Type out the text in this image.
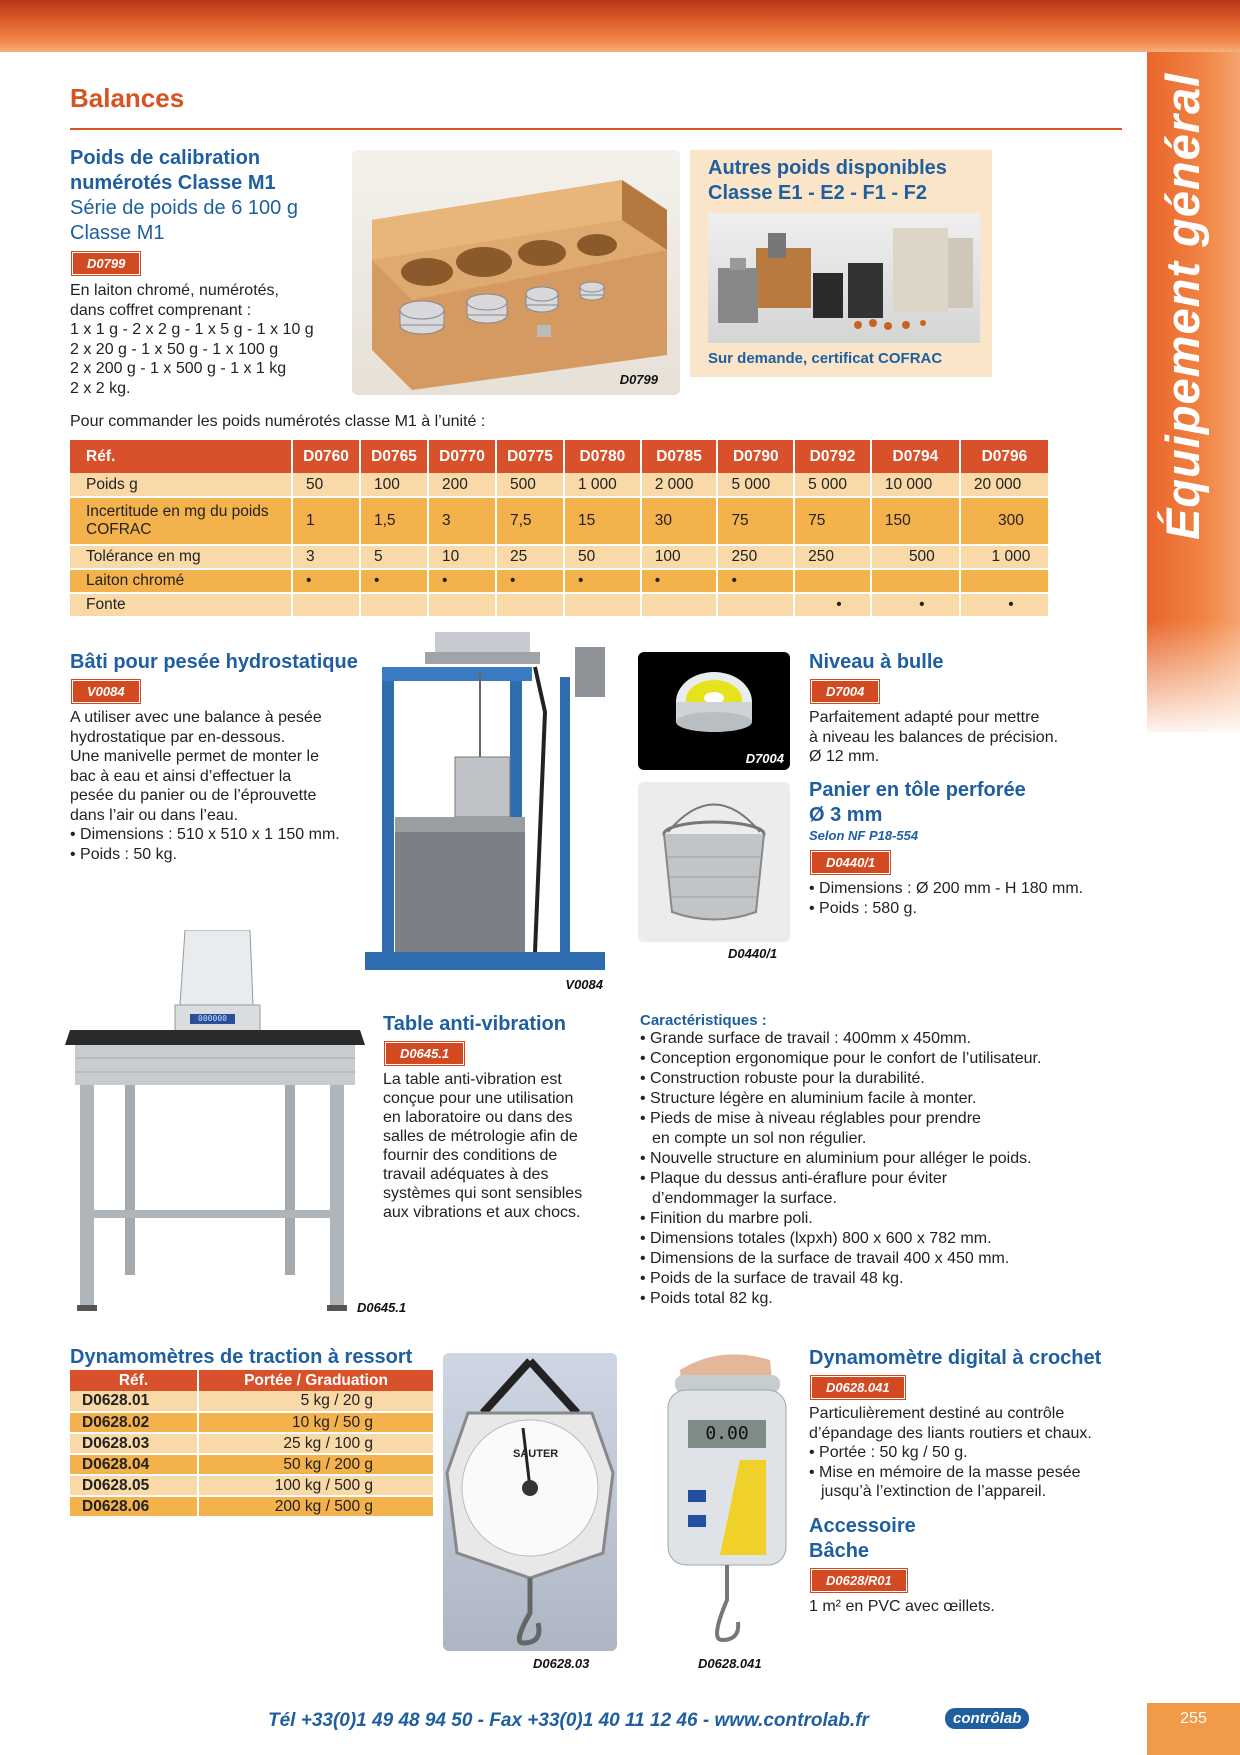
Équipement général
Balances
Poids de calibration
numérotés Classe M1
Série de poids de 6 100 g
Classe M1
D0799
En laiton chromé, numérotés,
dans coffret comprenant :
1 x 1 g - 2 x 2 g - 1 x 5 g - 1 x 10 g
2 x 20 g - 1 x 50 g - 1 x 100 g
2 x 200 g - 1 x 500 g - 1 x 1 kg
2 x 2 kg.	D0799
Autres poids disponibles
Classe E1 - E2 - F1 - F2
Sur demande, certificat COFRAC
Pour commander les poids numérotés classe M1 à l’unité :
Réf.	D0760	D0765	D0770	D0775	D0780	D0785	D0790	D0792	D0794	D0796
Poids g	50	100	200	500	1 000	2 000	5 000	5 000	10 000	20 000
Incertitude en mg du poids COFRAC	1	1,5	3	7,5	15	30	75	75	150	300
Tolérance en mg	3	5	10	25	50	100	250	250	500	1 000
Laiton chromé	•	•	•	•	•	•	•			
Fonte								•	•	•
Bâti pour pesée hydrostatique
V0084
A utiliser avec une balance à pesée
hydrostatique par en-dessous.
Une manivelle permet de monter le
bac à eau et ainsi d’effectuer la
pesée du panier ou de l’éprouvette
dans l’air ou dans l’eau.
• Dimensions : 510 x 510 x 1 150 mm.
• Poids : 50 kg.
V0084
D7004
Niveau à bulle
D7004
Parfaitement adapté pour mettre
à niveau les balances de précision.
Ø 12 mm.
D0440/1
Panier en tôle perforée
Ø 3 mm
Selon NF P18-554
D0440/1
• Dimensions : Ø 200 mm - H 180 mm.
• Poids : 580 g.
000000
D0645.1
Table anti-vibration
D0645.1
La table anti-vibration est
conçue pour une utilisation
en laboratoire ou dans des
salles de métrologie afin de
fournir des conditions de
travail adéquates à des
systèmes qui sont sensibles
aux vibrations et aux chocs.
Caractéristiques :
• Grande surface de travail : 400mm x 450mm.
• Conception ergonomique pour le confort de l’utilisateur.
• Construction robuste pour la durabilité.
• Structure légère en aluminium facile à monter.
• Pieds de mise à niveau réglables pour prendre en compte un sol non régulier.
• Nouvelle structure en aluminium pour alléger le poids.
• Plaque du dessus anti-éraflure pour éviter d’endommager la surface.
• Finition du marbre poli.
• Dimensions totales (lxpxh) 800 x 600 x 782 mm.
• Dimensions de la surface de travail 400 x 450 mm.
• Poids de la surface de travail 48 kg.
• Poids total 82 kg.
Dynamomètres de traction à ressort
Réf.	Portée / Graduation
D0628.01	5 kg / 20 g
D0628.02	10 kg / 50 g
D0628.03	25 kg / 100 g
D0628.04	50 kg / 200 g
D0628.05	100 kg / 500 g
D0628.06	200 kg / 500 g
SAUTER
D0628.03
0.00
D0628.041
Dynamomètre digital à crochet
D0628.041
Particulièrement destiné au contrôle
d’épandage des liants routiers et chaux.
• Portée : 50 kg / 50 g.
• Mise en mémoire de la masse pesée jusqu’à l’extinction de l’appareil.
Accessoire
Bâche
D0628/R01
1 m² en PVC avec œillets.
Tél +33(0)1 49 48 94 50 - Fax +33(0)1 40 11 12 46 - www.controlab.fr	contrôlab	255
